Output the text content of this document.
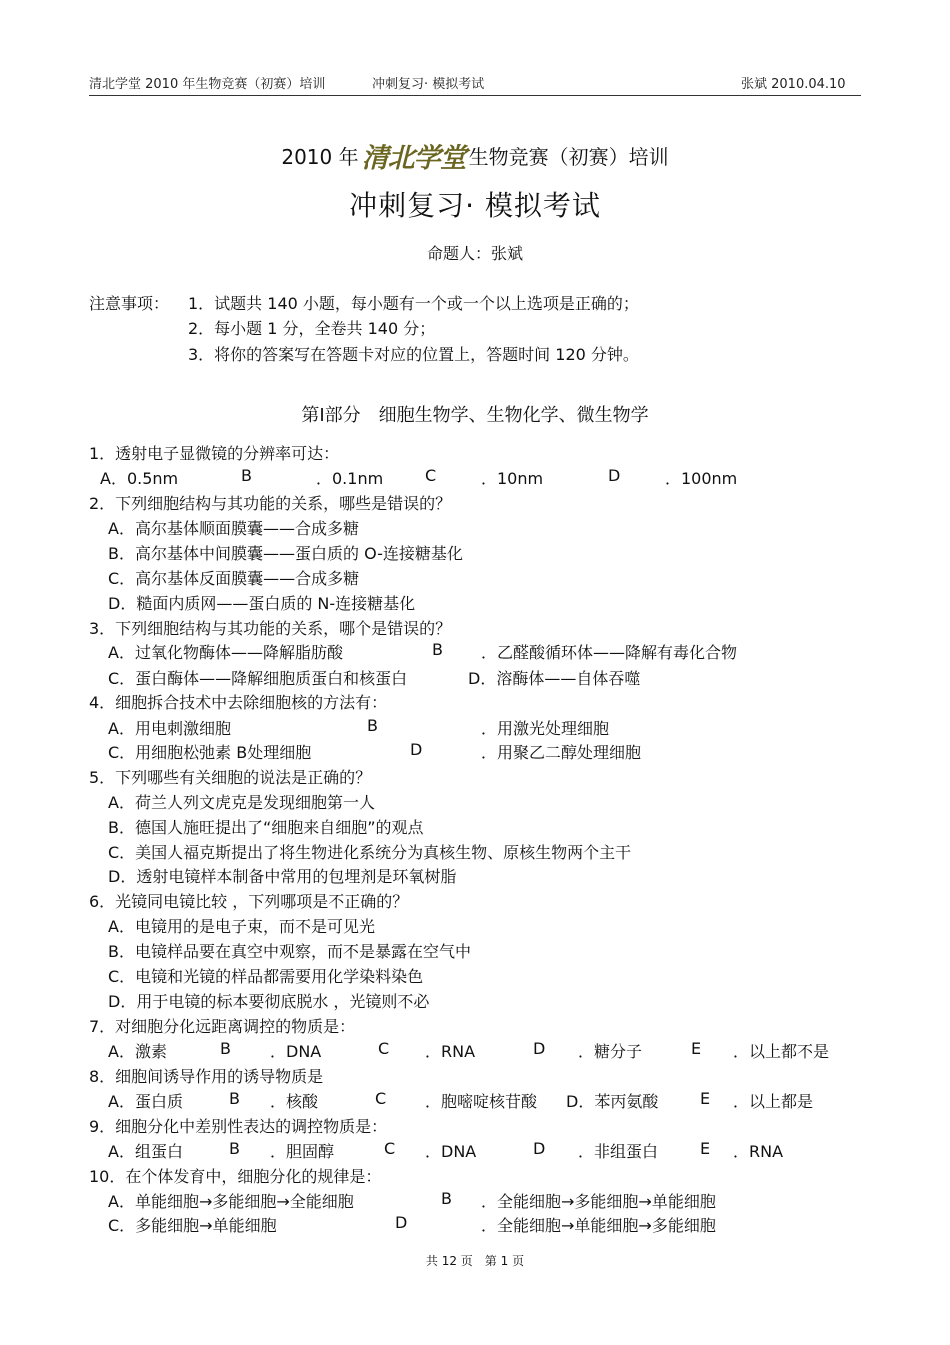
清北学堂 2010 年生物竞赛（初赛）培训	冲刺复习· 模拟考试	张斌 2010.04.10
2010 年 清北学堂 生物竞赛（初赛）培训
冲刺复习· 模拟考试
命题人：张斌
注意事项： 1．试题共 140 小题，每小题有一个或一个以上选项是正确的；
2．每小题 1 分，全卷共 140 分；
3．将你的答案写在答题卡对应的位置上，答题时间 120 分钟。
第Ⅰ部分　细胞生物学、生物化学、微生物学
1．透射电子显微镜的分辨率可达：
A．0.5nm	B	．0.1nm	C	．10nm	D	．100nm
2．下列细胞结构与其功能的关系，哪些是错误的？
A．高尔基体顺面膜囊——合成多糖
B．高尔基体中间膜囊——蛋白质的 O-连接糖基化
C．高尔基体反面膜囊——合成多糖
D．糙面内质网——蛋白质的 N-连接糖基化
3．下列细胞结构与其功能的关系，哪个是错误的？
A．过氧化物酶体——降解脂肪酸	B ．乙醛酸循环体——降解有毒化合物
C．蛋白酶体——降解细胞质蛋白和核蛋白	D．溶酶体——自体吞噬
4．细胞拆合技术中去除细胞核的方法有：
A．用电刺激细胞	B	．用激光处理细胞
C．用细胞松弛素 B处理细胞	D	．用聚乙二醇处理细胞
5．下列哪些有关细胞的说法是正确的？
A．荷兰人列文虎克是发现细胞第一人
B．德国人施旺提出了“细胞来自细胞”的观点
C．美国人福克斯提出了将生物进化系统分为真核生物、原核生物两个主干
D．透射电镜样本制备中常用的包埋剂是环氧树脂
6．光镜同电镜比较 ，下列哪项是不正确的？
A．电镜用的是电子束，而不是可见光
B．电镜样品要在真空中观察，而不是暴露在空气中
C．电镜和光镜的样品都需要用化学染料染色
D．用于电镜的标本要彻底脱水 ，光镜则不必
7．对细胞分化远距离调控的物质是：
A．激素	B ．DNA	C ．RNA	D ．糖分子	E ．以上都不是
8．细胞间诱导作用的诱导物质是
A．蛋白质	B ．核酸	C ．胞嘧啶核苷酸 D．苯丙氨酸	E ．以上都是
9．细胞分化中差别性表达的调控物质是：
A．组蛋白	B ．胆固醇	C ．DNA	D ．非组蛋白	E ．RNA
10．在个体发育中，细胞分化的规律是：
A．单能细胞→多能细胞→全能细胞	B ．全能细胞→多能细胞→单能细胞
C．多能细胞→单能细胞	D	．全能细胞→单能细胞→多能细胞
共 12 页　第 1 页
